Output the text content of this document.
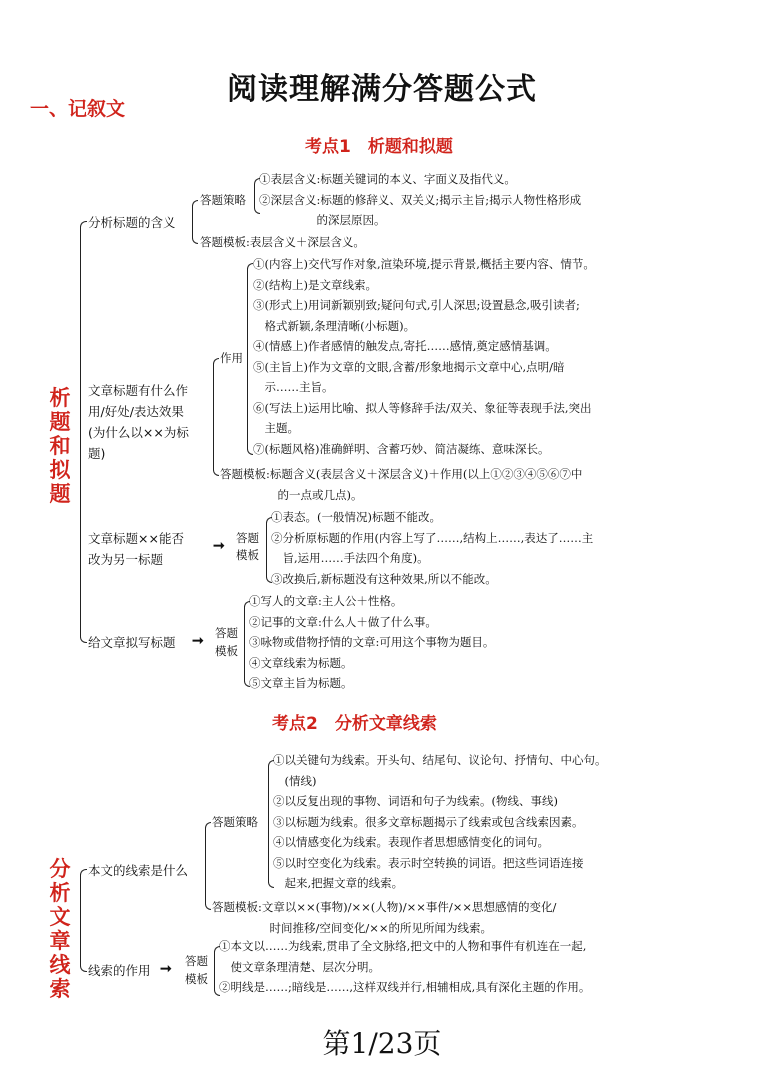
阅读理解满分答题公式
一、记叙文
考点1　析题和拟题
考点2　分析文章线索
析
题
和
拟
题
分
析
文
章
线
索
分析标题的含义
答题策略
①表层含义:标题关键词的本义、字面义及指代义。
②深层含义:标题的修辞义、双关义;揭示主旨;揭示人物性格形成
　　　　　的深层原因。
答题模板:表层含义＋深层含义。
文章标题有什么作
用/好处/表达效果
(为什么以××为标
题)
作用
①(内容上)交代写作对象,渲染环境,提示背景,概括主要内容、情节。
②(结构上)是文章线索。
③(形式上)用词新颖别致;疑问句式,引人深思;设置悬念,吸引读者;
　格式新颖,条理清晰(小标题)。
④(情感上)作者感情的触发点,寄托……感情,奠定感情基调。
⑤(主旨上)作为文章的文眼,含蓄/形象地揭示文章中心,点明/暗
　示……主旨。
⑥(写法上)运用比喻、拟人等修辞手法/双关、象征等表现手法,突出
　主题。
⑦(标题风格)准确鲜明、含蓄巧妙、简洁凝练、意味深长。
答题模板:标题含义(表层含义＋深层含义)＋作用(以上①②③④⑤⑥⑦中
　　　　　的一点或几点)。
文章标题××能否
改为另一标题
➞ 答题
模板
①表态。(一般情况)标题不能改。
②分析原标题的作用(内容上写了……,结构上……,表达了……主
　旨,运用……手法四个角度)。
③改换后,新标题没有这种效果,所以不能改。
给文章拟写标题 ➞ 答题
模板
①写人的文章:主人公＋性格。
②记事的文章:什么人＋做了什么事。
③咏物或借物抒情的文章:可用这个事物为题目。
④文章线索为标题。
⑤文章主旨为标题。
本文的线索是什么
答题策略
①以关键句为线索。开头句、结尾句、议论句、抒情句、中心句。
　(情线)
②以反复出现的事物、词语和句子为线索。(物线、事线)
③以标题为线索。很多文章标题揭示了线索或包含线索因素。
④以情感变化为线索。表现作者思想感情变化的词句。
⑤以时空变化为线索。表示时空转换的词语。把这些词语连接
　起来,把握文章的线索。
答题模板:文章以××(事物)/××(人物)/××事件/××思想感情的变化/
　　　　　时间推移/空间变化/××的所见所闻为线索。
线索的作用 ➞ 答题
模板
①本文以……为线索,贯串了全文脉络,把文中的人物和事件有机连在一起,
　使文章条理清楚、层次分明。
②明线是……;暗线是……,这样双线并行,相辅相成,具有深化主题的作用。
第1/23页
